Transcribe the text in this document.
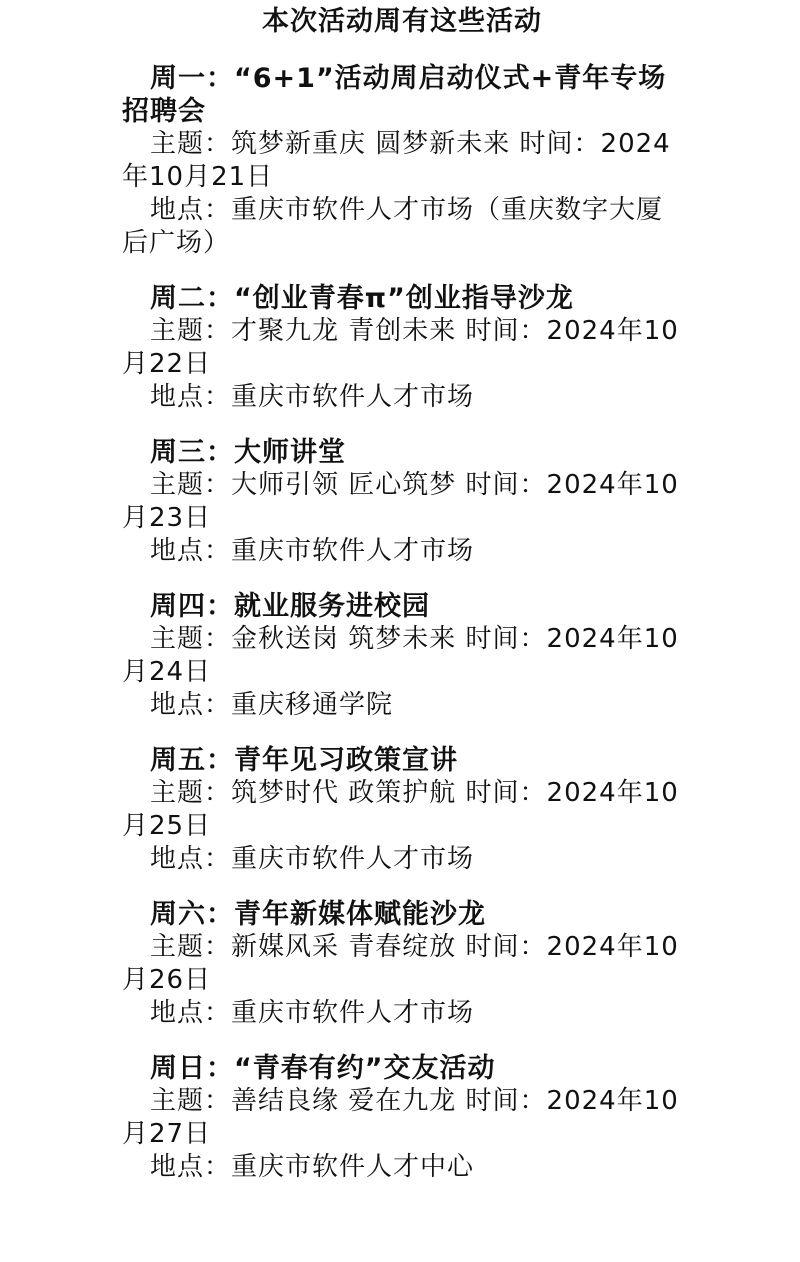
本次活动周有这些活动

周一：“6+1”活动周启动仪式+青年专场招聘会

主题：筑梦新重庆 圆梦新未来 时间：2024年10月21日

地点：重庆市软件人才市场（重庆数字大厦后广场）

周二：“创业青春π”创业指导沙龙

主题：才聚九龙 青创未来 时间：2024年10月22日

地点：重庆市软件人才市场

周三：大师讲堂

主题：大师引领 匠心筑梦 时间：2024年10月23日

地点：重庆市软件人才市场

周四：就业服务进校园

主题：金秋送岗 筑梦未来 时间：2024年10月24日

地点：重庆移通学院

周五：青年见习政策宣讲

主题：筑梦时代 政策护航 时间：2024年10月25日

地点：重庆市软件人才市场

周六：青年新媒体赋能沙龙

主题：新媒风采 青春绽放 时间：2024年10月26日

地点：重庆市软件人才市场

周日：“青春有约”交友活动

主题：善结良缘 爱在九龙 时间：2024年10月27日

地点：重庆市软件人才中心
